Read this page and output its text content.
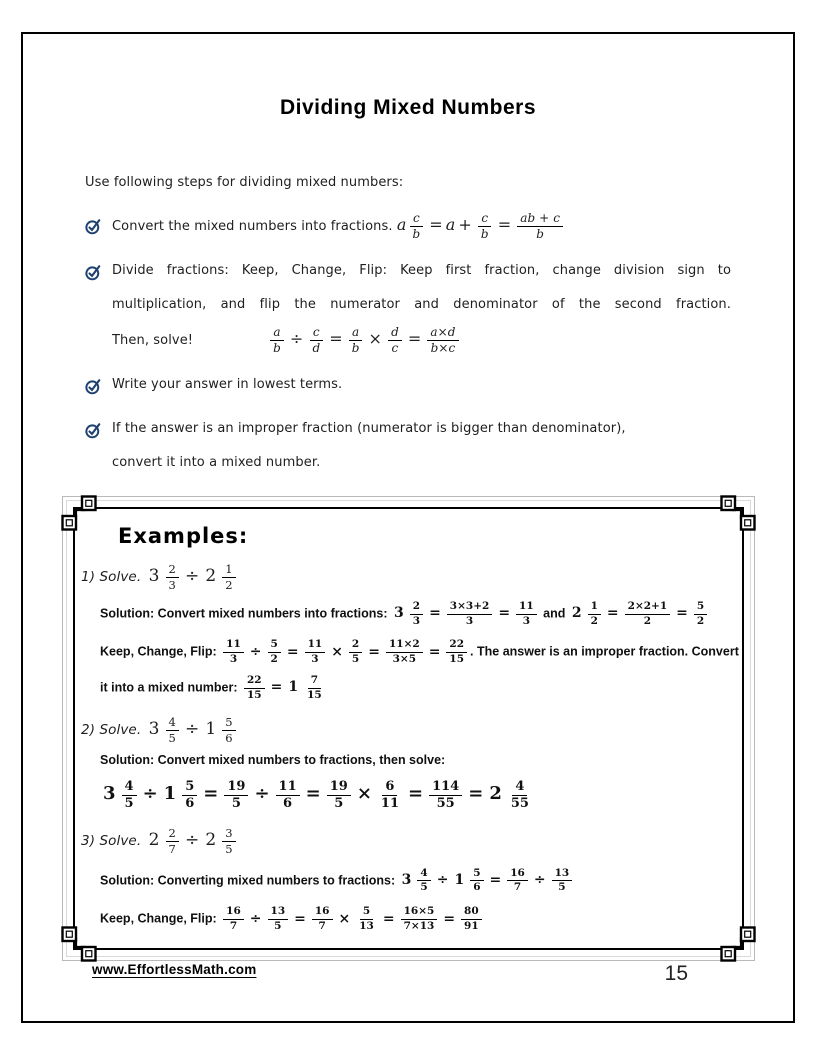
Dividing Mixed Numbers
Use following steps for dividing mixed numbers:
Convert the mixed numbers into fractions. a $\frac{c}{b} = a + \frac{c}{b} = \frac{ab + c}{b}$
Divide fractions: Keep, Change, Flip: Keep first fraction, change division sign to
multiplication, and flip the numerator and denominator of the second fraction.
Then, solve!	$\frac{a}{b} \div \frac{c}{d} = \frac{a}{b} \times \frac{d}{c} = \frac{a\times d}{b\times c}$
Write your answer in lowest terms.
If the answer is an improper fraction (numerator is bigger than denominator),
convert it into a mixed number.
Examples:
1) Solve. $3 \frac{2}{3} \div 2 \frac{1}{2}$
Solution: Convert mixed numbers into fractions: $3 \frac{2}{3} = \frac{3\times 3+2}{3} = \frac{11}{3}$ and $2 \frac{1}{2} = \frac{2\times 2+1}{2} = \frac{5}{2}$
Keep, Change, Flip: $\frac{11}{3} \div \frac{5}{2} = \frac{11}{3} \times \frac{2}{5} = \frac{11\times 2}{3\times 5} = \frac{22}{15}$ . The answer is an improper fraction. Convert
it into a mixed number: $\frac{22}{15} = 1 \frac{7}{15}$
2) Solve. $3 \frac{4}{5} \div 1 \frac{5}{6}$
Solution: Convert mixed numbers to fractions, then solve:
$3 \frac{4}{5} \div 1 \frac{5}{6} = \frac{19}{5} \div \frac{11}{6} = \frac{19}{5} \times \frac{6}{11} = \frac{114}{55} = 2 \frac{4}{55}$
3) Solve. $2 \frac{2}{7} \div 2 \frac{3}{5}$
Solution: Converting mixed numbers to fractions: $3 \frac{4}{5} \div 1 \frac{5}{6} = \frac{16}{7} \div \frac{13}{5}$
Keep, Change, Flip: $\frac{16}{7} \div \frac{13}{5} = \frac{16}{7} \times \frac{5}{13} = \frac{16\times 5}{7\times 13} = \frac{80}{91}$
www.EffortlessMath.com	15
